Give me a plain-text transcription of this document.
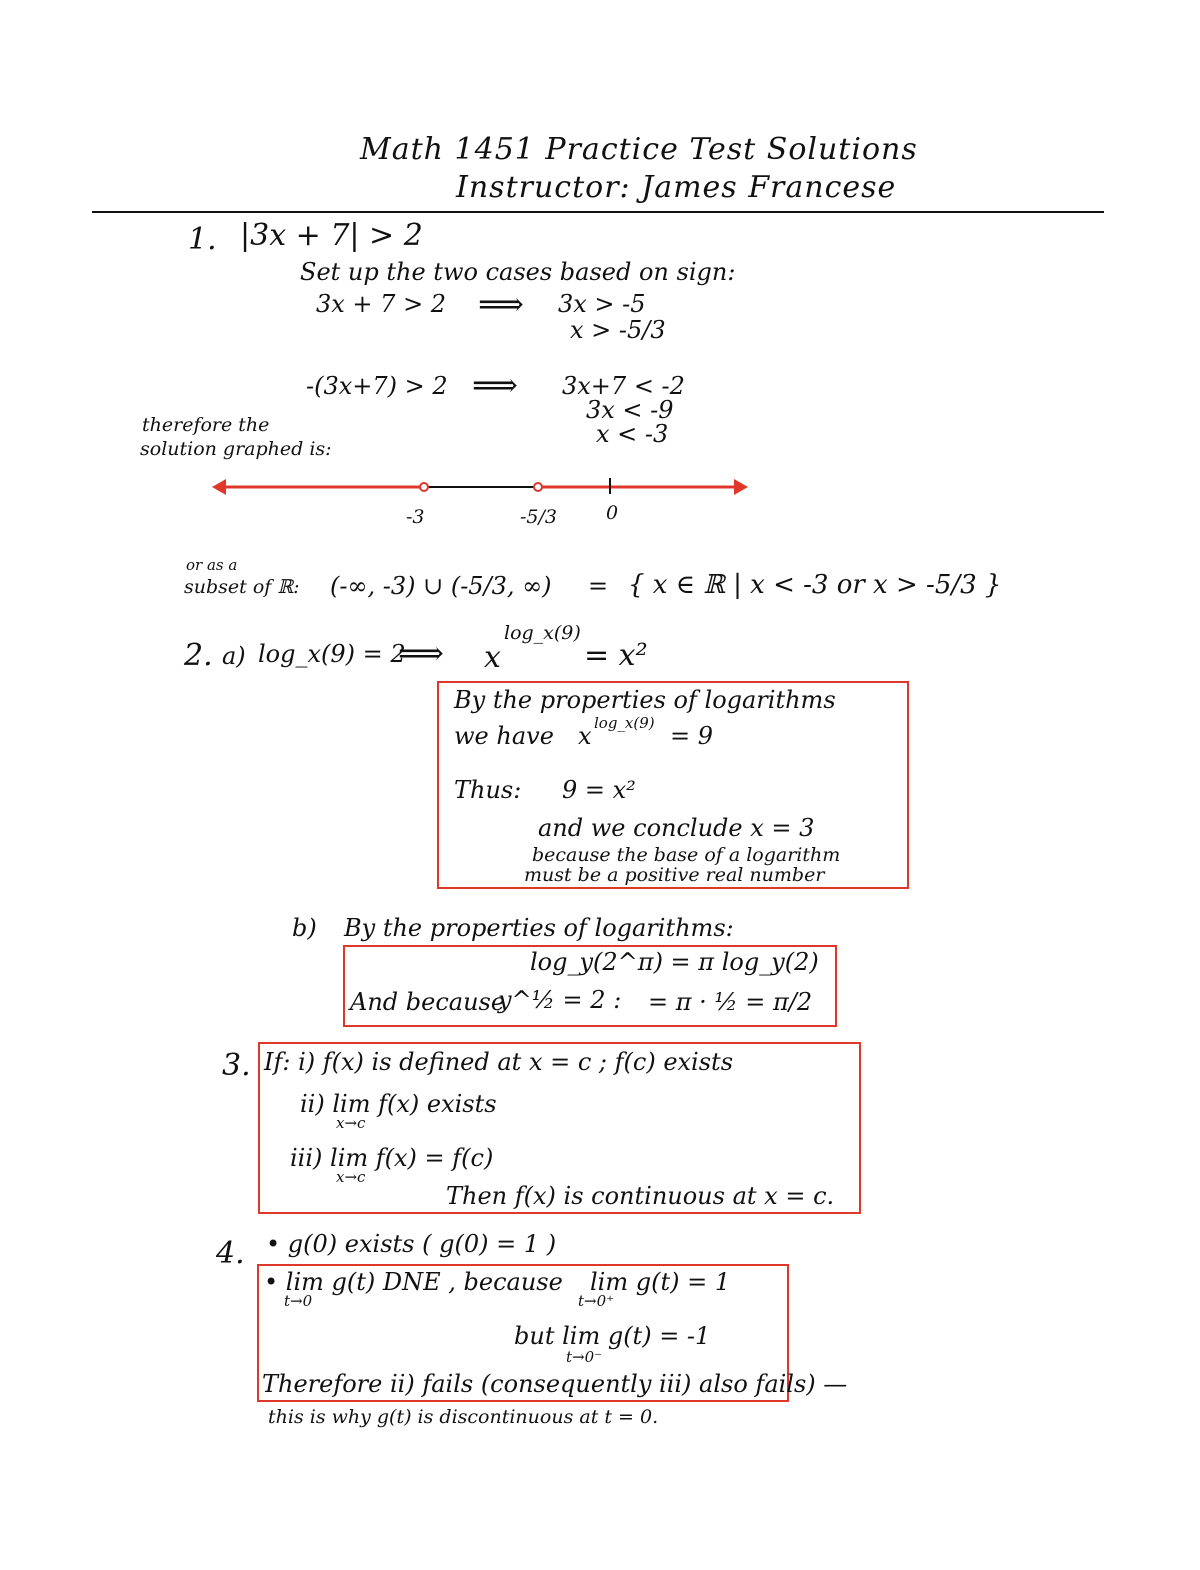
Math 1451 Practice Test Solutions
Instructor: James Francese
1. |3x + 7| > 2
Set up the two cases based on sign:
3x + 7 > 2 ⟹ 3x > -5
x > -5/3
-(3x+7) > 2 ⟹ 3x+7 < -2
3x < -9
x < -3
therefore the
solution graphed is:
-3	-5/3	0
or as a
subset of ℝ: (-∞, -3) ∪ (-5/3, ∞) = { x ∈ ℝ | x < -3 or x > -5/3 }
2. a) log_x(9) = 2
⟹ x
log_x(9)
= x²
By the properties of logarithms
we have x log_x(9) = 9
Thus: 9 = x²
and we conclude x = 3
because the base of a logarithm
must be a positive real number
b) By the properties of logarithms:
log_y(2^π) = π log_y(2)
And because
y^½ = 2 : = π · ½ = π/2
3. If: i) f(x) is defined at x = c ; f(c) exists
ii) lim f(x) exists
x→c
iii) lim f(x) = f(c)
x→c
Then f(x) is continuous at x = c.
4. • g(0) exists ( g(0) = 1 )
• lim g(t) DNE , because
t→0
lim g(t) = 1
t→0⁺
but lim g(t) = -1
t→0⁻
Therefore ii) fails (consequently iii) also fails) —
this is why g(t) is discontinuous at t = 0.
